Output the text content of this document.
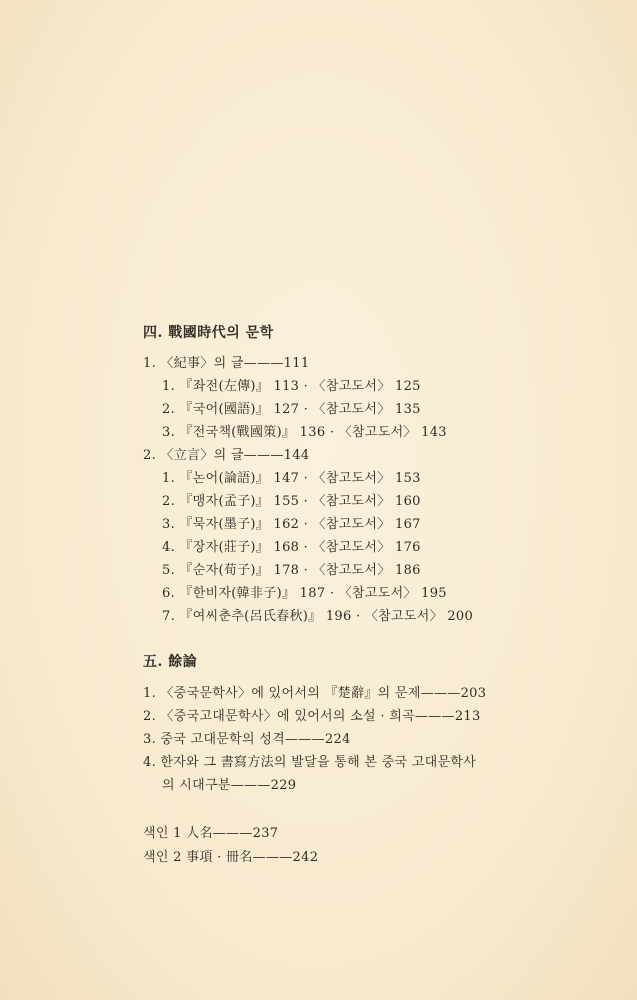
四. 戰國時代의 문학
1. 〈紀事〉의 글———111
1. 『좌전(左傳)』 113 · 〈참고도서〉 125
2. 『국어(國語)』 127 · 〈참고도서〉 135
3. 『전국책(戰國策)』 136 · 〈참고도서〉 143
2. 〈立言〉의 글———144
1. 『논어(論語)』 147 · 〈참고도서〉 153
2. 『맹자(孟子)』 155 · 〈참고도서〉 160
3. 『묵자(墨子)』 162 · 〈참고도서〉 167
4. 『장자(莊子)』 168 · 〈참고도서〉 176
5. 『순자(荀子)』 178 · 〈참고도서〉 186
6. 『한비자(韓非子)』 187 · 〈참고도서〉 195
7. 『여씨춘추(呂氏春秋)』 196 · 〈참고도서〉 200
五. 餘論
1. 〈중국문학사〉에 있어서의 『楚辭』의 문제———203
2. 〈중국고대문학사〉에 있어서의 소설 · 희곡———213
3. 중국 고대문학의 성격———224
4. 한자와 그 書寫方法의 발달을 통해 본 중국 고대문학사
의 시대구분———229
색인 1 人名———237
색인 2 事項 · 冊名———242
